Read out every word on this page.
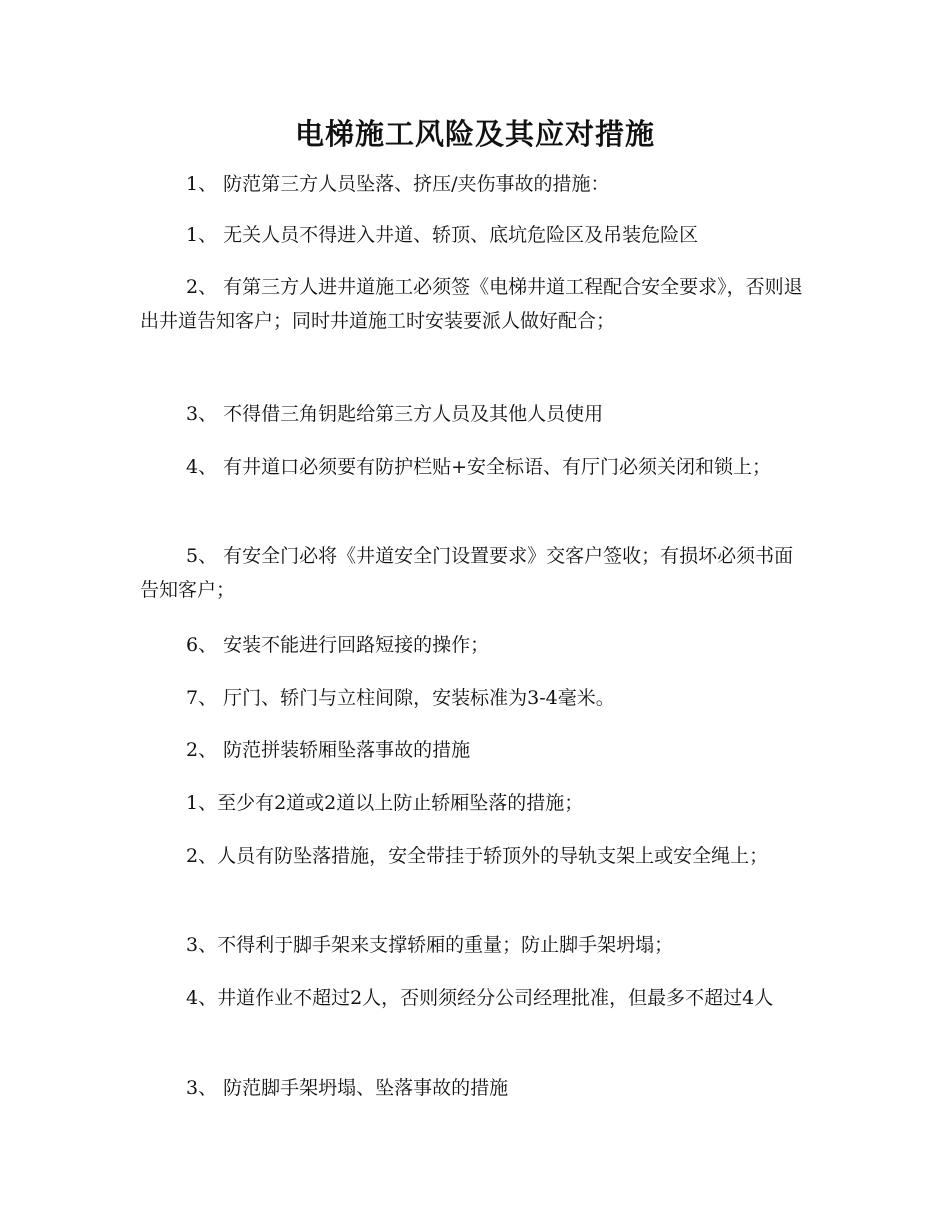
电梯施工风险及其应对措施
1、 防范第三方人员坠落、挤压/夹伤事故的措施：
1、 无关人员不得进入井道、轿顶、底坑危险区及吊装危险区
2、 有第三方人进井道施工必须签《电梯井道工程配合安全要求》，否则退出井道告知客户；同时井道施工时安装要派人做好配合；
3、 不得借三角钥匙给第三方人员及其他人员使用
4、 有井道口必须要有防护栏贴+安全标语、有厅门必须关闭和锁上；
5、 有安全门必将《井道安全门设置要求》交客户签收；有损坏必须书面告知客户；
6、 安装不能进行回路短接的操作；
7、 厅门、轿门与立柱间隙，安装标准为3-4毫米。
2、 防范拼装轿厢坠落事故的措施
1、至少有2道或2道以上防止轿厢坠落的措施；
2、人员有防坠落措施，安全带挂于轿顶外的导轨支架上或安全绳上；
3、不得利于脚手架来支撑轿厢的重量；防止脚手架坍塌；
4、井道作业不超过2人，否则须经分公司经理批准，但最多不超过4人
3、 防范脚手架坍塌、坠落事故的措施
